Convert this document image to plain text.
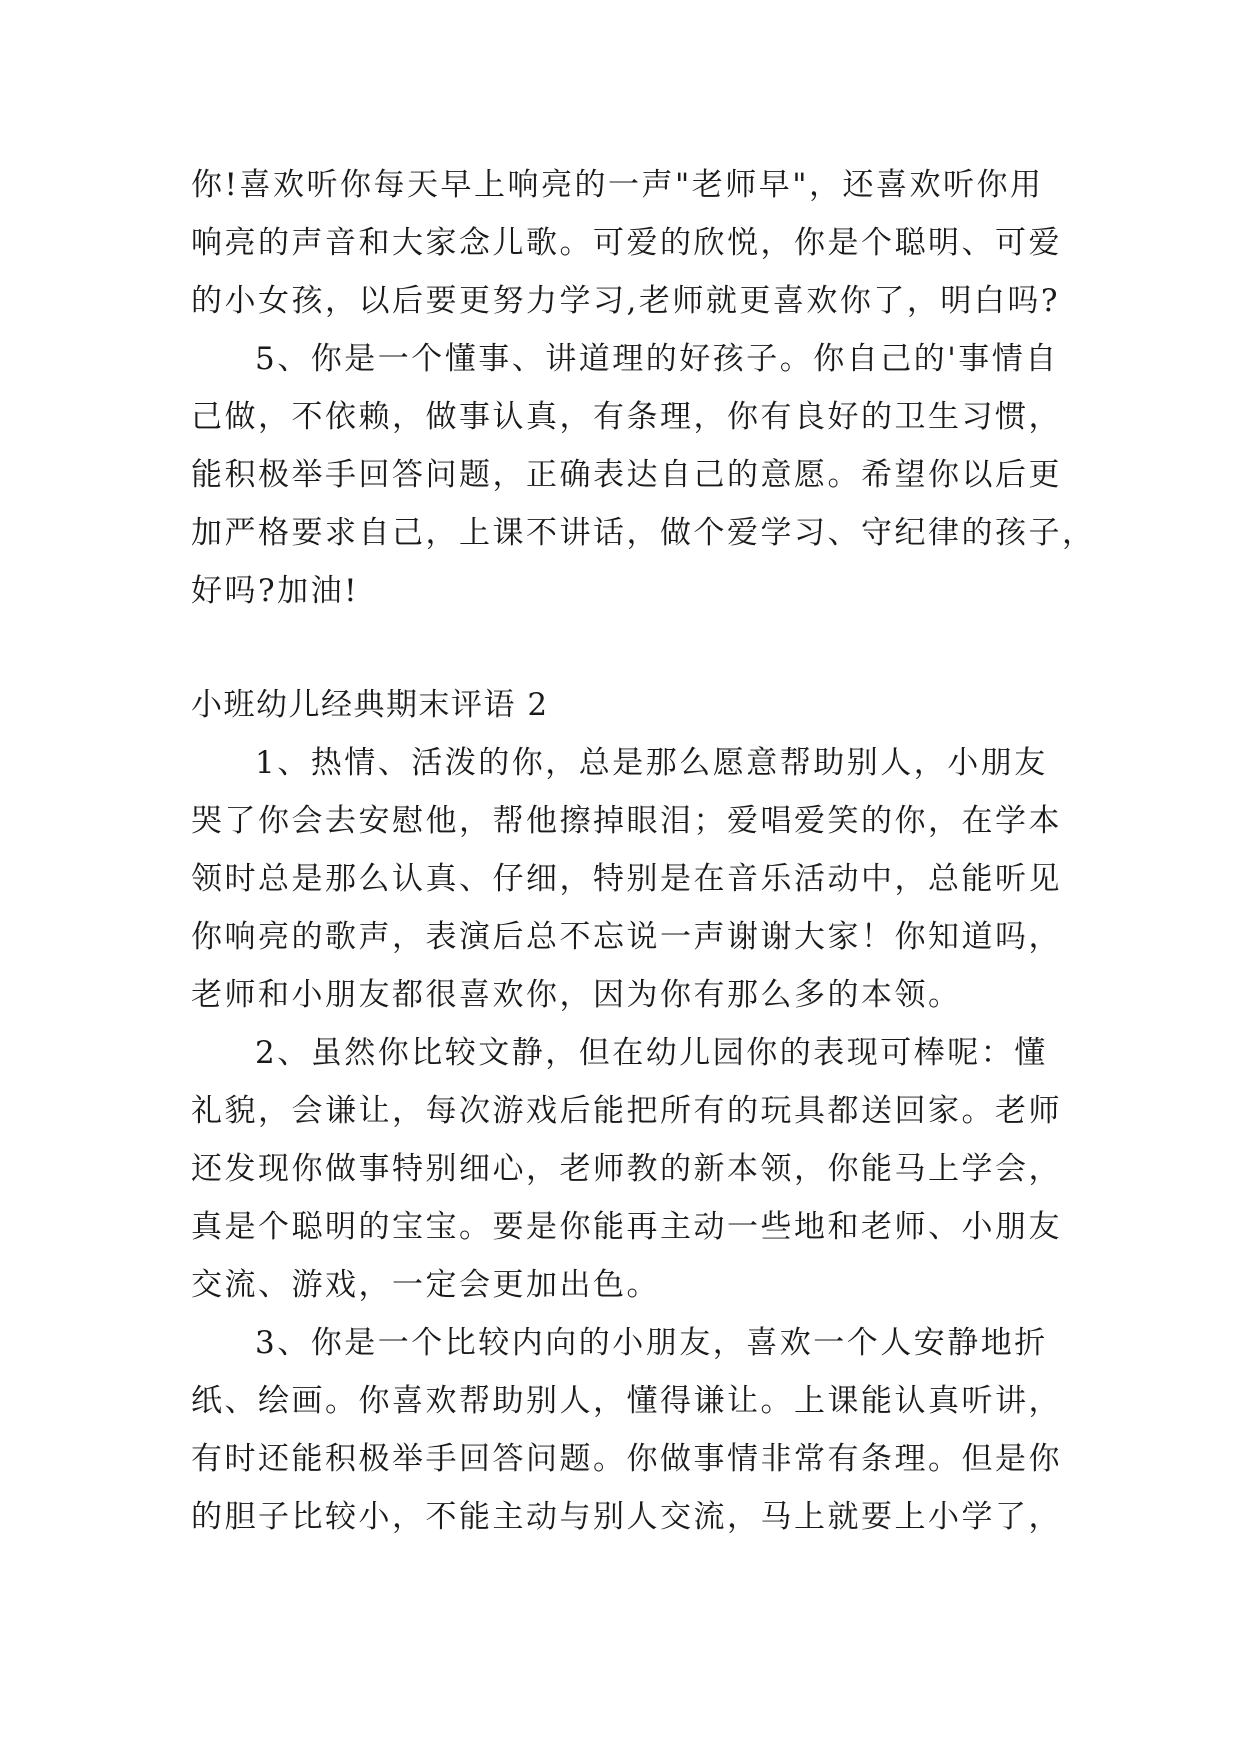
你!喜欢听你每天早上响亮的一声"老师早"，还喜欢听你用
响亮的声音和大家念儿歌。可爱的欣悦，你是个聪明、可爱
的小女孩，以后要更努力学习,老师就更喜欢你了，明白吗?
5、你是一个懂事、讲道理的好孩子。你自己的'事情自
己做，不依赖，做事认真，有条理，你有良好的卫生习惯，
能积极举手回答问题，正确表达自己的意愿。希望你以后更
加严格要求自己，上课不讲话，做个爱学习、守纪律的孩子，
好吗?加油!
小班幼儿经典期末评语 2
1、热情、活泼的你，总是那么愿意帮助别人，小朋友
哭了你会去安慰他，帮他擦掉眼泪；爱唱爱笑的你，在学本
领时总是那么认真、仔细，特别是在音乐活动中，总能听见
你响亮的歌声，表演后总不忘说一声谢谢大家！你知道吗，
老师和小朋友都很喜欢你，因为你有那么多的本领。
2、虽然你比较文静，但在幼儿园你的表现可棒呢：懂
礼貌，会谦让，每次游戏后能把所有的玩具都送回家。老师
还发现你做事特别细心，老师教的新本领，你能马上学会，
真是个聪明的宝宝。要是你能再主动一些地和老师、小朋友
交流、游戏，一定会更加出色。
3、你是一个比较内向的小朋友，喜欢一个人安静地折
纸、绘画。你喜欢帮助别人，懂得谦让。上课能认真听讲，
有时还能积极举手回答问题。你做事情非常有条理。但是你
的胆子比较小，不能主动与别人交流，马上就要上小学了，
